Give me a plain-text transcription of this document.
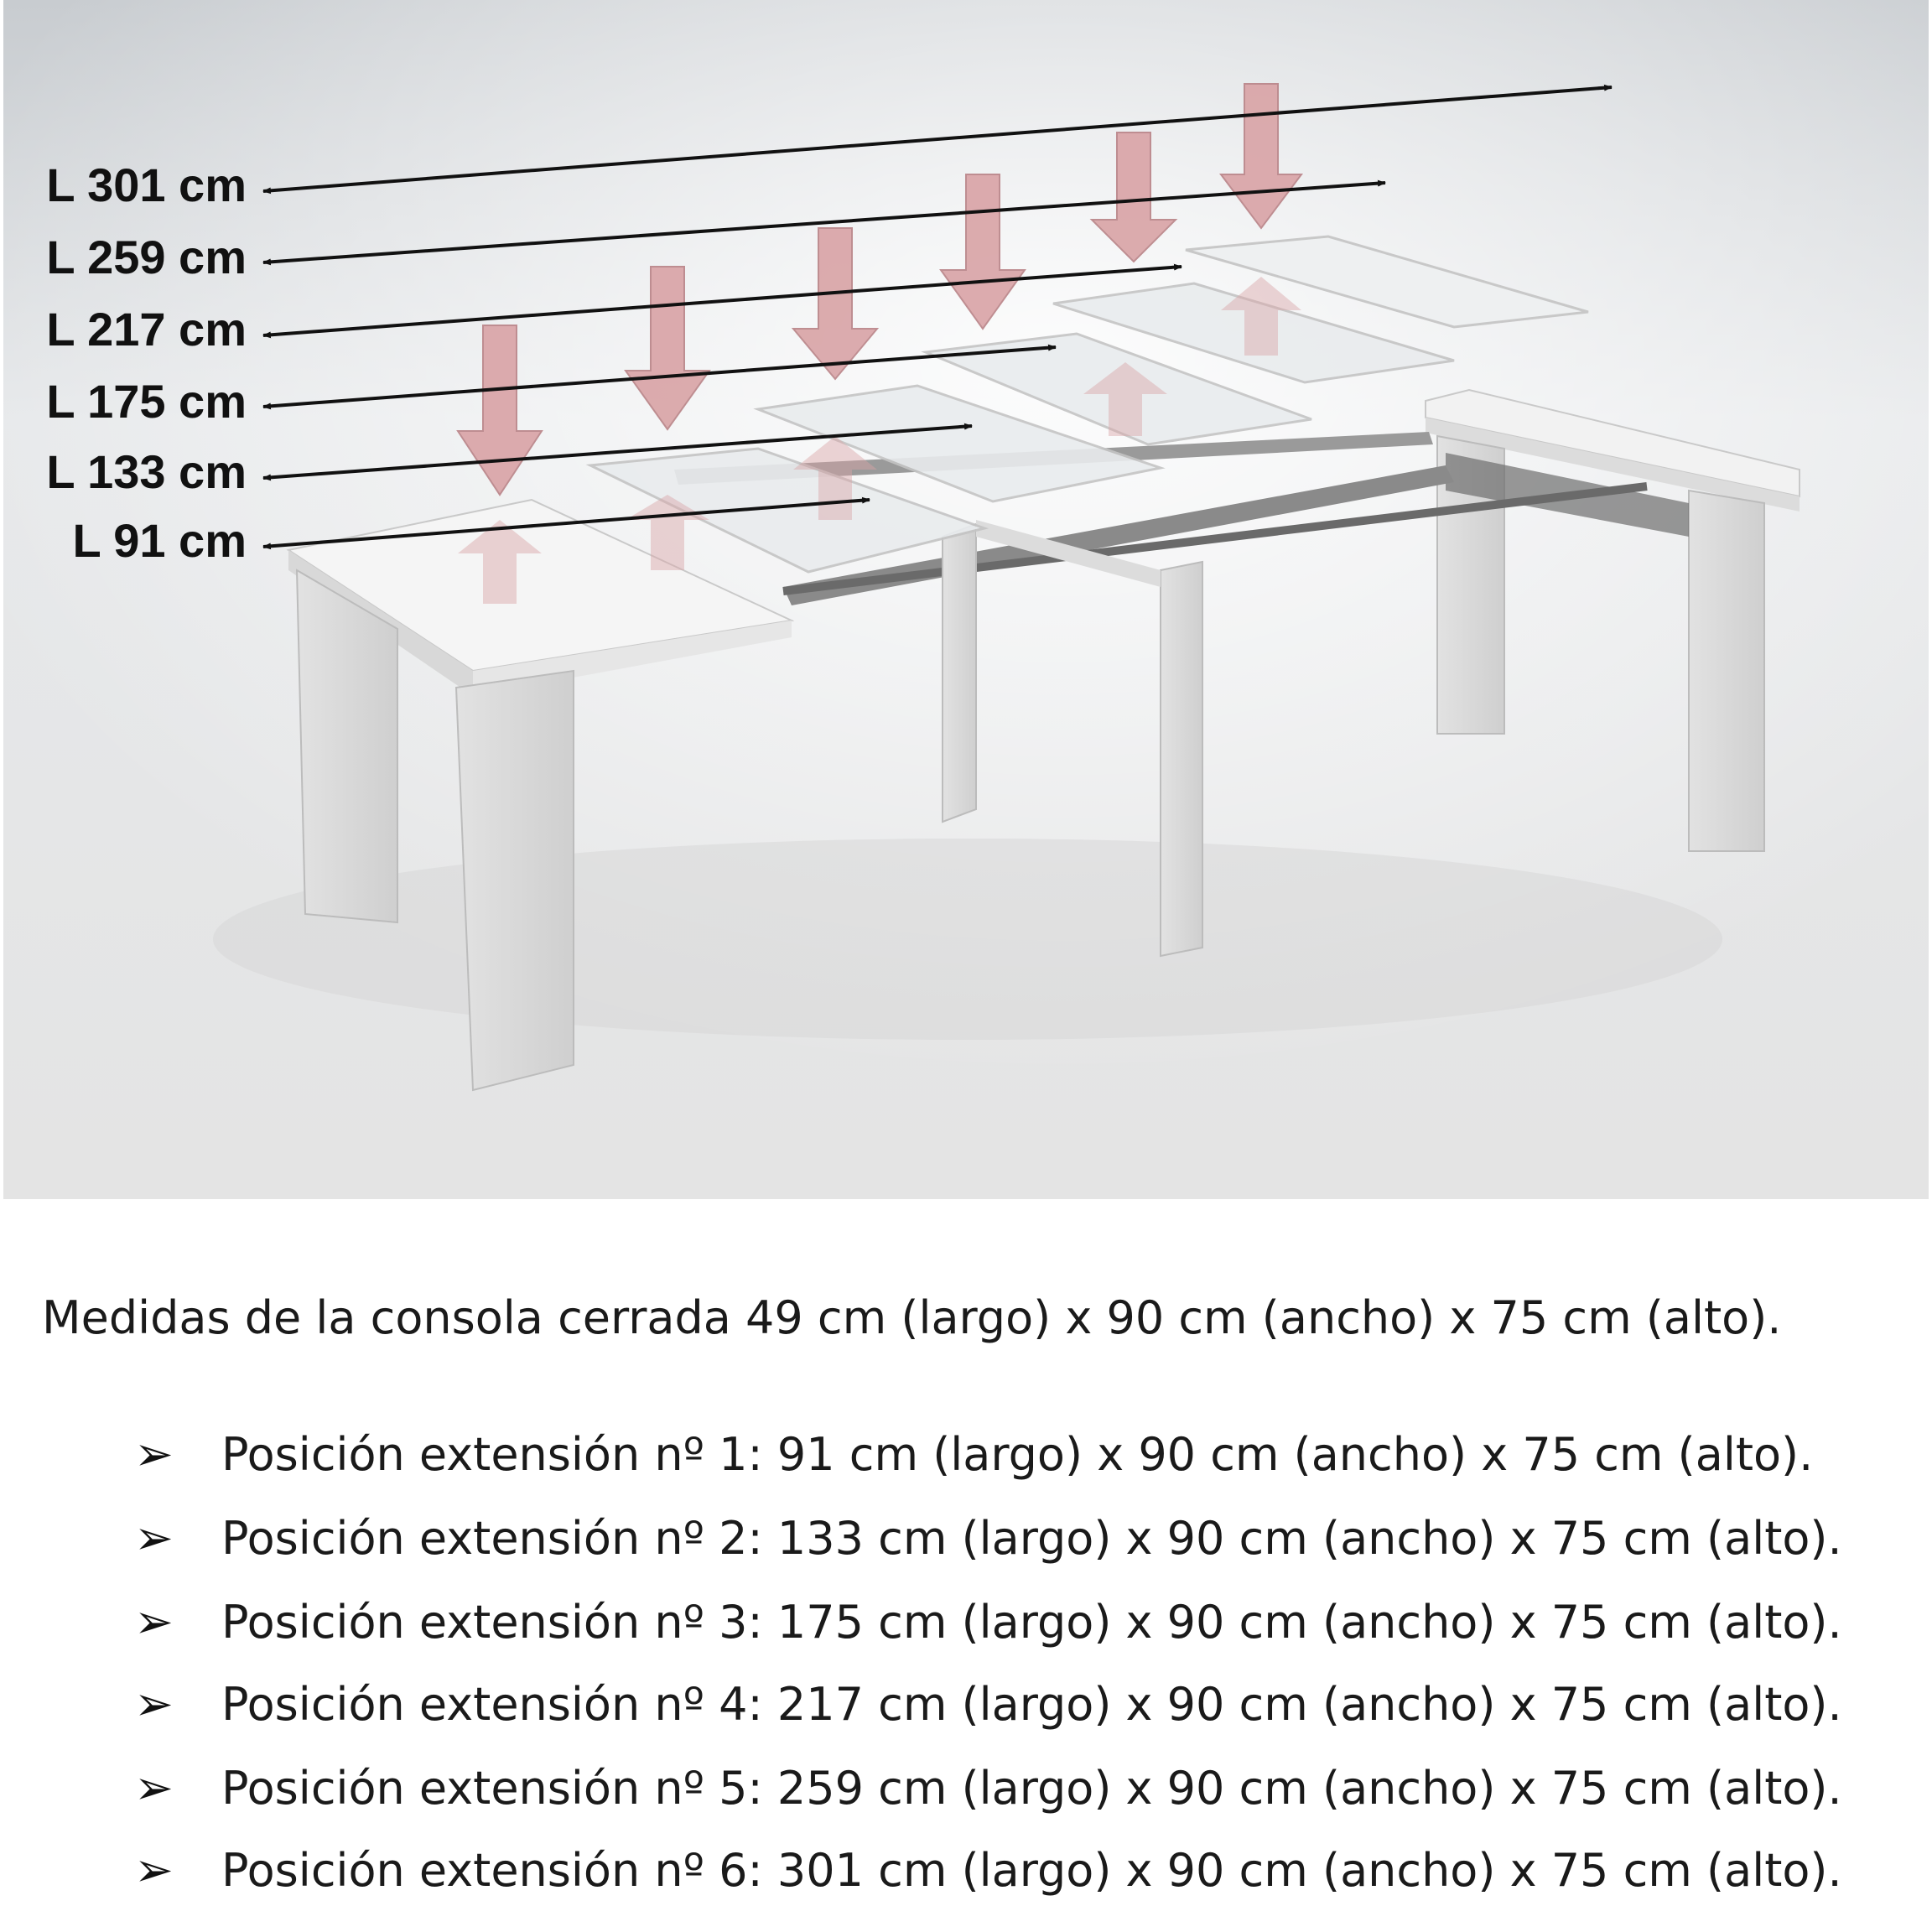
L 301 cm
L 259 cm
L 217 cm
L 175 cm
L 133 cm
L 91 cm
Medidas de la consola cerrada 49 cm (largo) x 90 cm (ancho) x 75 cm (alto).
➢ Posición extensión nº 1: 91 cm (largo) x 90 cm (ancho) x 75 cm (alto).
➢ Posición extensión nº 2: 133 cm (largo) x 90 cm (ancho) x 75 cm (alto).
➢ Posición extensión nº 3: 175 cm (largo) x 90 cm (ancho) x 75 cm (alto).
➢ Posición extensión nº 4: 217 cm (largo) x 90 cm (ancho) x 75 cm (alto).
➢ Posición extensión nº 5: 259 cm (largo) x 90 cm (ancho) x 75 cm (alto).
➢ Posición extensión nº 6: 301 cm (largo) x 90 cm (ancho) x 75 cm (alto).
